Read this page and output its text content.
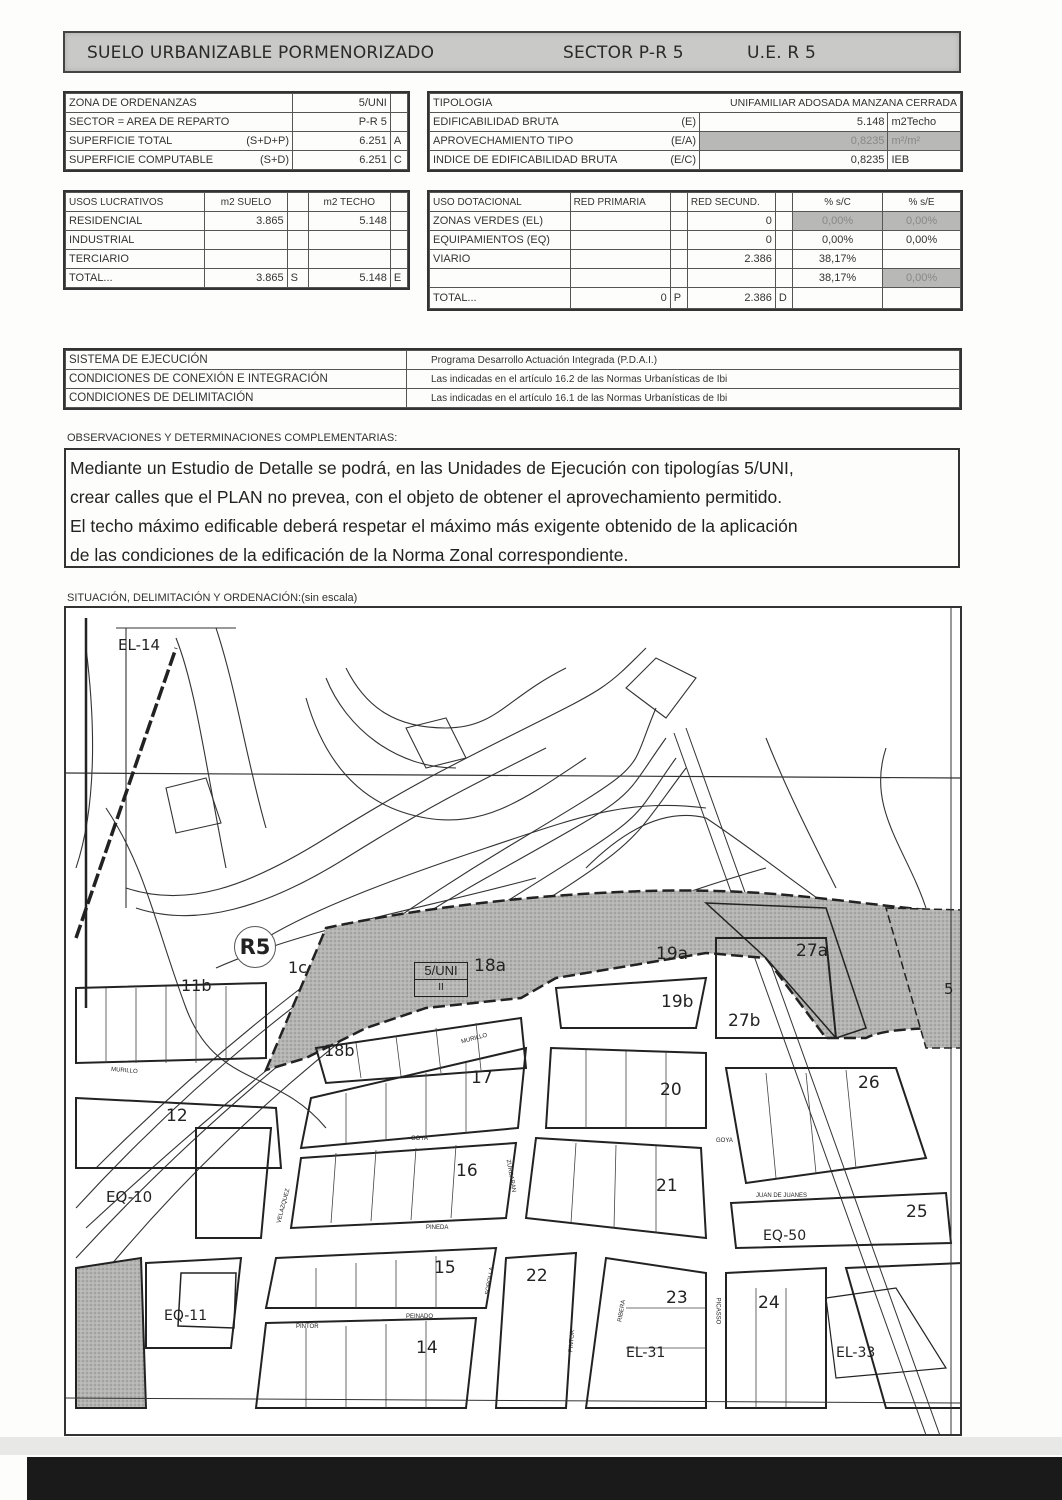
SUELO URBANIZABLE PORMENORIZADO	SECTOR P-R 5	U.E. R 5
ZONA DE ORDENANZAS	5/UNI	
SECTOR = AREA DE REPARTO	P-R 5	
SUPERFICIE TOTAL (S+D+P)	6.251	A
SUPERFICIE COMPUTABLE (S+D)	6.251	C
TIPOLOGIA		UNIFAMILIAR ADOSADA MANZANA CERRADA	
EDIFICABILIDAD BRUTA	(E)	5.148	m2Techo
APROVECHAMIENTO TIPO	(E/A)	0,8235	m²/m²
INDICE DE EDIFICABILIDAD BRUTA	(E/C)	0,8235	IEB
USOS LUCRATIVOS	m2 SUELO		m2 TECHO	
RESIDENCIAL	3.865		5.148	
INDUSTRIAL				
TERCIARIO				
TOTAL...	3.865	S	5.148	E
USO DOTACIONAL	RED PRIMARIA		RED SECUND.		% s/C	% s/E
ZONAS VERDES (EL)			0		0,00%	0,00%
EQUIPAMIENTOS (EQ)			0		0,00%	0,00%
VIARIO			2.386		38,17%	
					38,17%	0,00%
TOTAL...	0	P	2.386	D		
SISTEMA DE EJECUCIÓN	Programa Desarrollo Actuación Integrada (P.D.A.I.)
CONDICIONES DE CONEXIÓN E INTEGRACIÓN	Las indicadas en el artículo 16.2 de las Normas Urbanísticas de Ibi
CONDICIONES DE DELIMITACIÓN	Las indicadas en el artículo 16.1 de las Normas Urbanísticas de Ibi
OBSERVACIONES Y DETERMINACIONES COMPLEMENTARIAS:

Mediante un Estudio de Detalle se podrá, en las Unidades de Ejecución con tipologías 5/UNI,

crear calles que el PLAN no prevea, con el objeto de obtener el aprovechamiento permitido.

El techo máximo edificable deberá respetar el máximo más exigente obtenido de la aplicación

de las condiciones de la edificación de la Norma Zonal correspondiente.

SITUACIÓN, DELIMITACIÓN Y ORDENACIÓN:(sin escala)
R5
5/UNI
II
EL-14
11b
1c	18a
18b
19a
19b
27a
27b
12
17
20	26
EQ-10
16
21
25
EQ-50
EQ-11
15	22
23	24
14	EL-31	EL-33
5
MURILLO
MURILLO
GOYA	GOYA
VELAZQUEZ
ZURBARAN
PINEDA
JUAN DE JUANES
PINTOR
PEINADO
SOROLLA
PINTOR
PICASSO
RIBERA
